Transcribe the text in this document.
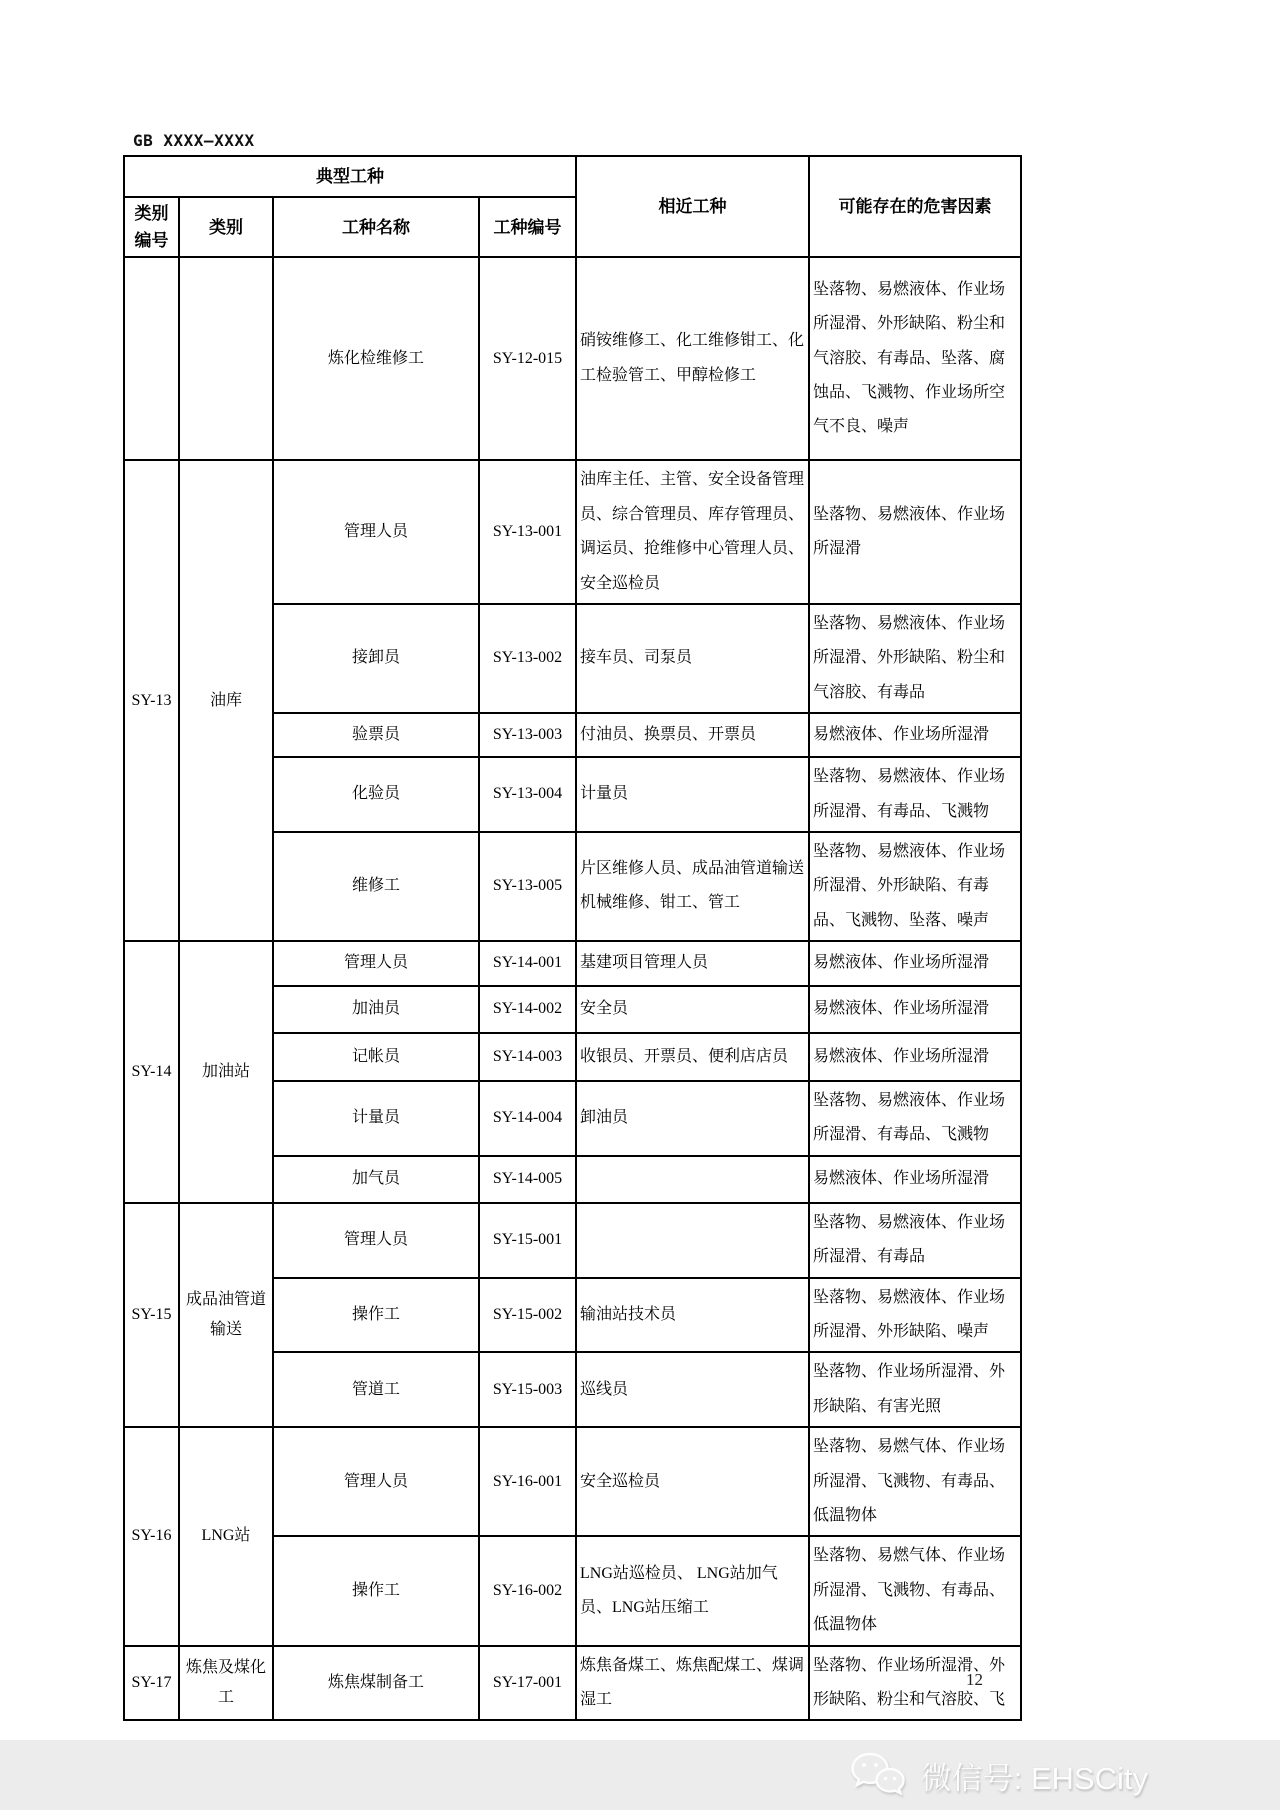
GB XXXX—XXXX
典型工种				相近工种	可能存在的危害因素
类别编号	类别	工种名称	工种编号		
		炼化检维修工	SY-12-015	硝铵维修工、化工维修钳工、化工检验管工、甲醇检修工	坠落物、易燃液体、作业场所湿滑、外形缺陷、粉尘和气溶胶、有毒品、坠落、腐蚀品、飞溅物、作业场所空气不良、噪声
SY-13	油库	管理人员	SY-13-001	油库主任、主管、安全设备管理员、综合管理员、库存管理员、调运员、抢维修中心管理人员、安全巡检员	坠落物、易燃液体、作业场所湿滑
		接卸员	SY-13-002	接车员、司泵员	坠落物、易燃液体、作业场所湿滑、外形缺陷、粉尘和气溶胶、有毒品
		验票员	SY-13-003	付油员、换票员、开票员	易燃液体、作业场所湿滑
		化验员	SY-13-004	计量员	坠落物、易燃液体、作业场所湿滑、有毒品、飞溅物
		维修工	SY-13-005	片区维修人员、成品油管道输送机械维修、钳工、管工	坠落物、易燃液体、作业场所湿滑、外形缺陷、有毒品、飞溅物、坠落、噪声
SY-14	加油站	管理人员	SY-14-001	基建项目管理人员	易燃液体、作业场所湿滑
		加油员	SY-14-002	安全员	易燃液体、作业场所湿滑
		记帐员	SY-14-003	收银员、开票员、便利店店员	易燃液体、作业场所湿滑
		计量员	SY-14-004	卸油员	坠落物、易燃液体、作业场所湿滑、有毒品、飞溅物
		加气员	SY-14-005		易燃液体、作业场所湿滑
SY-15	成品油管道输送	管理人员	SY-15-001		坠落物、易燃液体、作业场所湿滑、有毒品
		操作工	SY-15-002	输油站技术员	坠落物、易燃液体、作业场所湿滑、外形缺陷、噪声
		管道工	SY-15-003	巡线员	坠落物、作业场所湿滑、外形缺陷、有害光照
SY-16	LNG站	管理人员	SY-16-001	安全巡检员	坠落物、易燃气体、作业场所湿滑、飞溅物、有毒品、低温物体
		操作工	SY-16-002	LNG站巡检员、 LNG站加气员、LNG站压缩工	坠落物、易燃气体、作业场所湿滑、飞溅物、有毒品、低温物体
SY-17	炼焦及煤化工	炼焦煤制备工	SY-17-001	炼焦备煤工、炼焦配煤工、煤调湿工	坠落物、作业场所湿滑、外形缺陷、粉尘和气溶胶、飞
12
微信号: EHSCity
